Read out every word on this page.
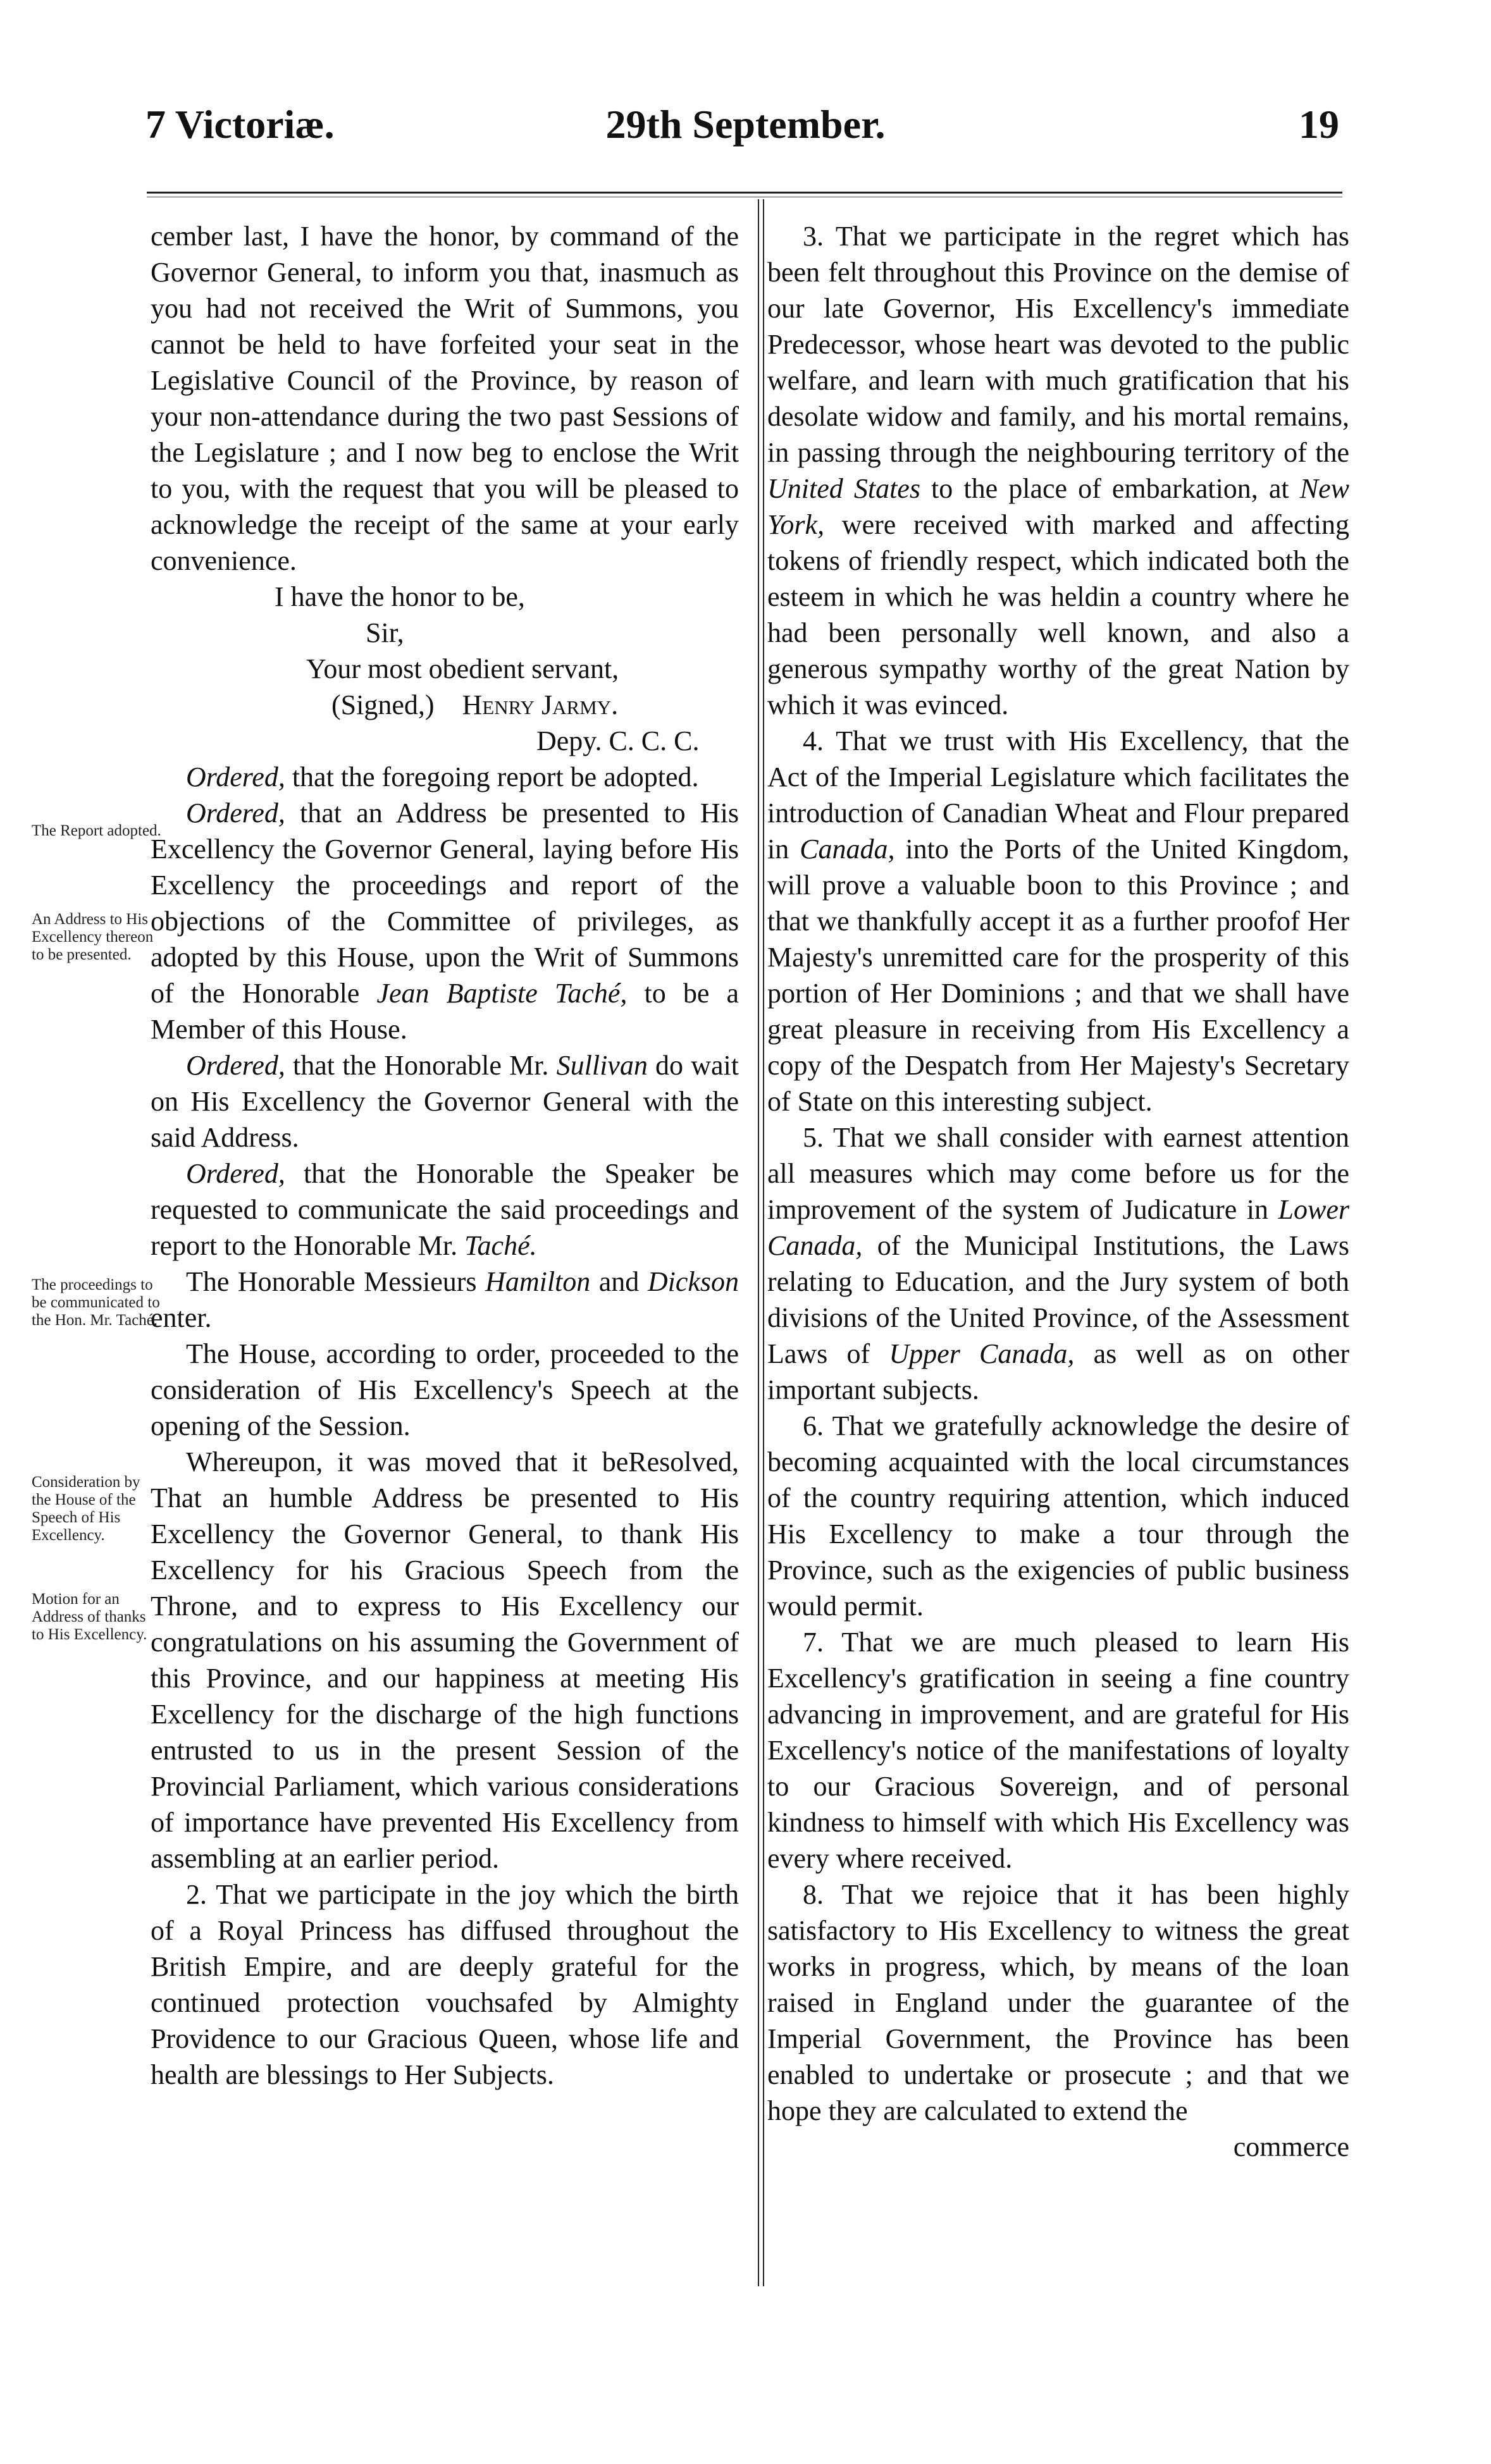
7 Victoriæ.	29th September.	19
The Report adopted.
An Address to His Excellency thereon to be presented.
The proceedings to be communicated to the Hon. Mr. Taché.
Consideration by the House of the Speech of His Excellency.
Motion for an Address of thanks to His Excellency.

cember last, I have the honor, by command of the Governor General, to inform you that, inasmuch as you had not received the Writ of Summons, you cannot be held to have forfeited your seat in the Legislative Council of the Province, by reason of your non-attendance during the two past Sessions of the Legislature ; and I now beg to enclose the Writ to you, with the request that you will be pleased to acknowledge the receipt of the same at your early convenience.

I have the honor to be,
Sir,
Your most obedient servant,
(Signed,) Henry Jarmy.
Depy. C. C. C.

Ordered, that the foregoing report be adopted.

Ordered, that an Address be presented to His Excellency the Governor General, laying before His Excellency the proceedings and report of the objections of the Committee of privileges, as adopted by this House, upon the Writ of Summons of the Honorable Jean Baptiste Taché, to be a Member of this House.

Ordered, that the Honorable Mr. Sullivan do wait on His Excellency the Governor General with the said Address.

Ordered, that the Honorable the Speaker be requested to communicate the said proceedings and report to the Honorable Mr. Taché.

The Honorable Messieurs Hamilton and Dickson enter.

The House, according to order, proceeded to the consideration of His Excellency's Speech at the opening of the Session.

Whereupon, it was moved that it beResolved, That an humble Address be presented to His Excellency the Governor General, to thank His Excellency for his Gracious Speech from the Throne, and to express to His Excellency our congratulations on his assuming the Government of this Province, and our happiness at meeting His Excellency for the discharge of the high functions entrusted to us in the present Session of the Provincial Parliament, which various considerations of importance have prevented His Excellency from assembling at an earlier period.

2. That we participate in the joy which the birth of a Royal Princess has diffused throughout the British Empire, and are deeply grateful for the continued protection vouchsafed by Almighty Providence to our Gracious Queen, whose life and health are blessings to Her Subjects.

3. That we participate in the regret which has been felt throughout this Province on the demise of our late Governor, His Excellency's immediate Predecessor, whose heart was devoted to the public welfare, and learn with much gratification that his desolate widow and family, and his mortal remains, in passing through the neighbouring territory of the United States to the place of embarkation, at New York, were received with marked and affecting tokens of friendly respect, which indicated both the esteem in which he was heldin a country where he had been personally well known, and also a generous sympathy worthy of the great Nation by which it was evinced.

4. That we trust with His Excellency, that the Act of the Imperial Legislature which facilitates the introduction of Canadian Wheat and Flour prepared in Canada, into the Ports of the United Kingdom, will prove a valuable boon to this Province ; and that we thankfully accept it as a further proofof Her Majesty's unremitted care for the prosperity of this portion of Her Dominions ; and that we shall have great pleasure in receiving from His Excellency a copy of the Despatch from Her Majesty's Secretary of State on this interesting subject.

5. That we shall consider with earnest attention all measures which may come before us for the improvement of the system of Judicature in Lower Canada, of the Municipal Institutions, the Laws relating to Education, and the Jury system of both divisions of the United Province, of the Assessment Laws of Upper Canada, as well as on other important subjects.

6. That we gratefully acknowledge the desire of becoming acquainted with the local circumstances of the country requiring attention, which induced His Excellency to make a tour through the Province, such as the exigencies of public business would permit.

7. That we are much pleased to learn His Excellency's gratification in seeing a fine country advancing in improvement, and are grateful for His Excellency's notice of the manifestations of loyalty to our Gracious Sovereign, and of personal kindness to himself with which His Excellency was every where received.

8. That we rejoice that it has been highly satisfactory to His Excellency to witness the great works in progress, which, by means of the loan raised in England under the guarantee of the Imperial Government, the Province has been enabled to undertake or prosecute ; and that we hope they are calculated to extend the

commerce
